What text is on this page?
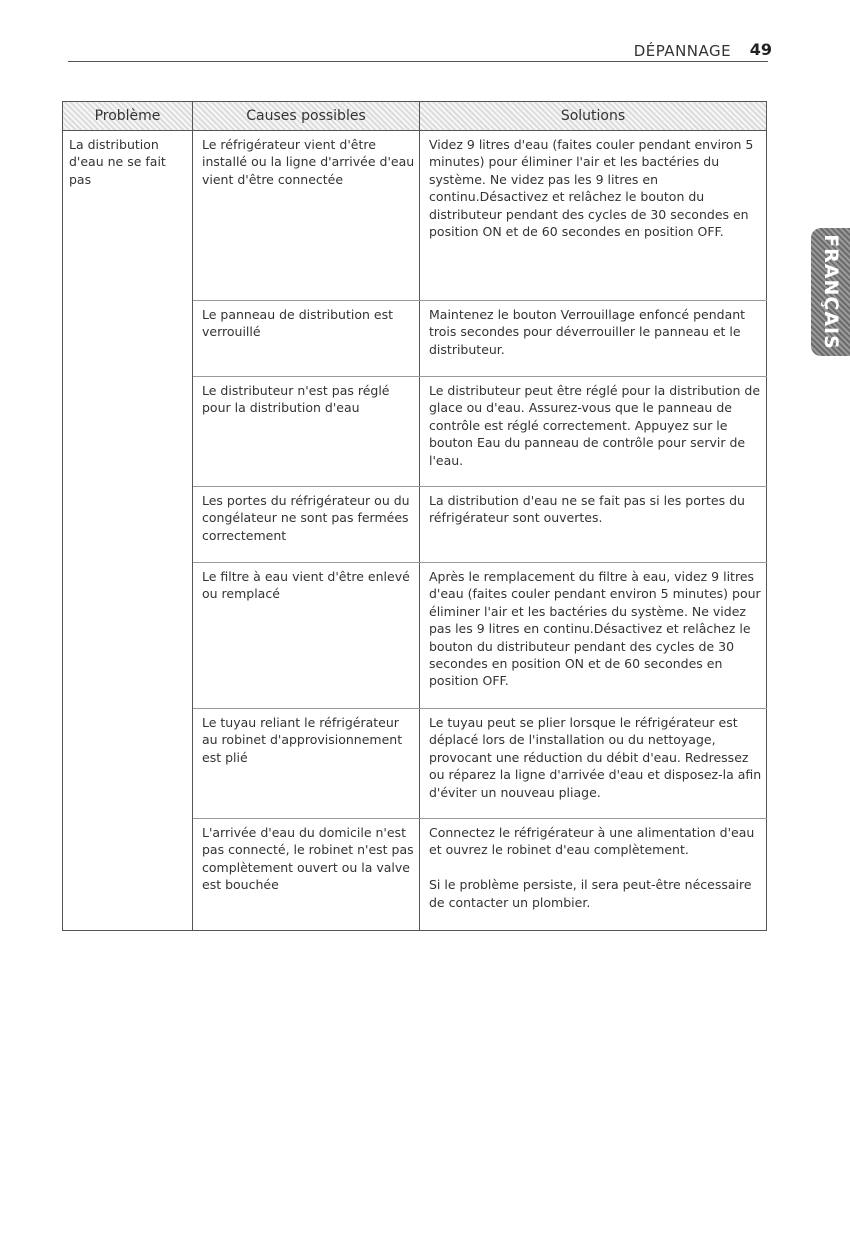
DÉPANNAGE	49
FRANÇAIS
Problème	Causes possibles	Solutions
La distribution d'eau ne se fait pas	Le réfrigérateur vient d'être installé ou la ligne d'arrivée d'eau vient d'être connectée	Videz 9 litres d'eau (faites couler pendant environ 5 minutes) pour éliminer l'air et les bactéries du système. Ne videz pas les 9 litres en continu.Désactivez et relâchez le bouton du distributeur pendant des cycles de 30 secondes en position ON et de 60 secondes en position OFF.
	Le panneau de distribution est verrouillé	Maintenez le bouton Verrouillage enfoncé pendant trois secondes pour déverrouiller le panneau et le distributeur.
	Le distributeur n'est pas réglé pour la distribution d'eau	Le distributeur peut être réglé pour la distribution de glace ou d'eau. Assurez-vous que le panneau de contrôle est réglé correctement. Appuyez sur le bouton Eau du panneau de contrôle pour servir de l'eau.
	Les portes du réfrigérateur ou du congélateur ne sont pas fermées correctement	La distribution d'eau ne se fait pas si les portes du réfrigérateur sont ouvertes.
	Le filtre à eau vient d'être enlevé ou remplacé	Après le remplacement du filtre à eau, videz 9 litres d'eau (faites couler pendant environ 5 minutes) pour éliminer l'air et les bactéries du système. Ne videz pas les 9 litres en continu.Désactivez et relâchez le bouton du distributeur pendant des cycles de 30 secondes en position ON et de 60 secondes en position OFF.
	Le tuyau reliant le réfrigérateur au robinet d'approvisionnement est plié	Le tuyau peut se plier lorsque le réfrigérateur est déplacé lors de l'installation ou du nettoyage, provocant une réduction du débit d'eau. Redressez ou réparez la ligne d'arrivée d'eau et disposez-la afin d'éviter un nouveau pliage.
	L'arrivée d'eau du domicile n'est pas connecté, le robinet n'est pas complètement ouvert ou la valve est bouchée	Connectez le réfrigérateur à une alimentation d'eau et ouvrez le robinet d'eau complètement.

Si le problème persiste, il sera peut-être nécessaire de contacter un plombier.
